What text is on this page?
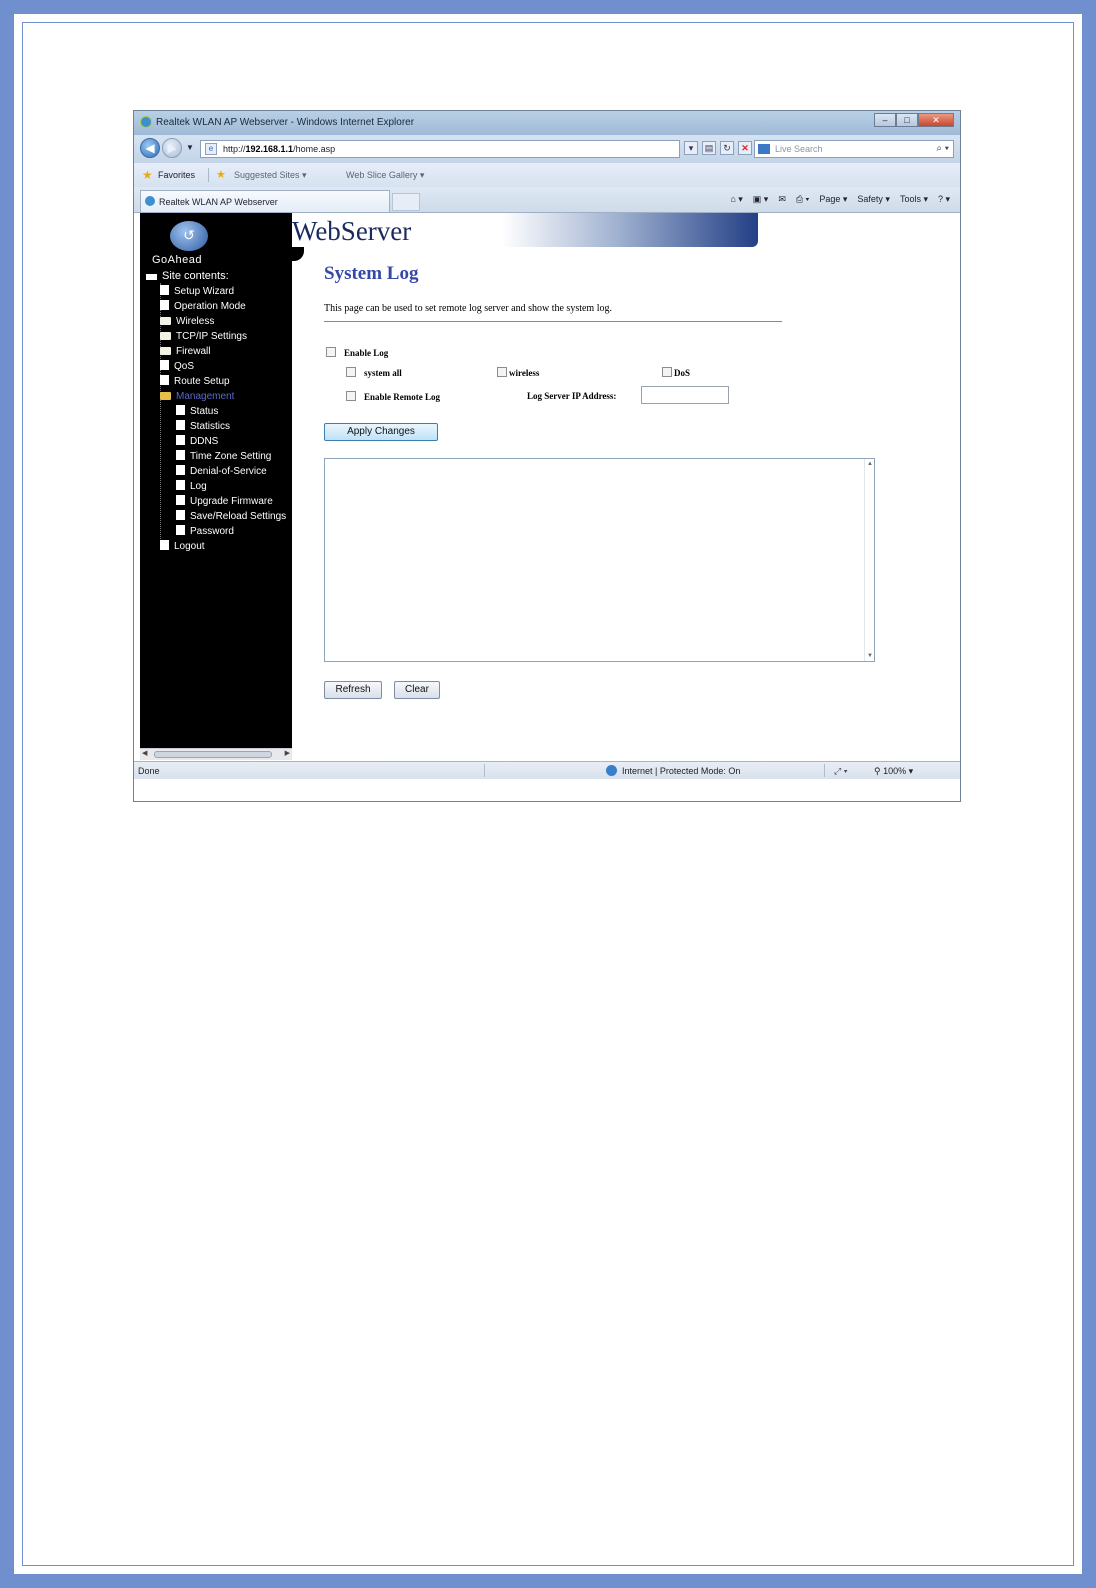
Realtek WLAN AP Webserver - Windows Internet Explorer	–	□	✕
◀	▶	▼	e	http://192.168.1.1/home.asp	▾	▤	↻	✕	Live Search	⌕ ▾
★ Favorites ★ Suggested Sites ▾	Web Slice Gallery ▾
Realtek WLAN AP Webserver	⌂ ▾ ▣ ▾ ✉ ⎙ ▾ Page ▾ Safety ▾ Tools ▾ ? ▾
↺
GoAhead
Site contents:
Setup Wizard
Operation Mode
Wireless
TCP/IP Settings
Firewall
QoS
Route Setup
Management
Status
Statistics
DDNS
Time Zone Setting
Denial-of-Service
Log
Upgrade Firmware
Save/Reload Settings
Password
Logout
◀	▶
WebServer
System Log
This page can be used to set remote log server and show the system log.
Enable Log
system all	wireless	DoS
Enable Remote Log	Log Server IP Address:
Apply Changes
▲
▼
Refresh	Clear
Done	Internet | Protected Mode: On	⤢ ▾	⚲ 100% ▾
